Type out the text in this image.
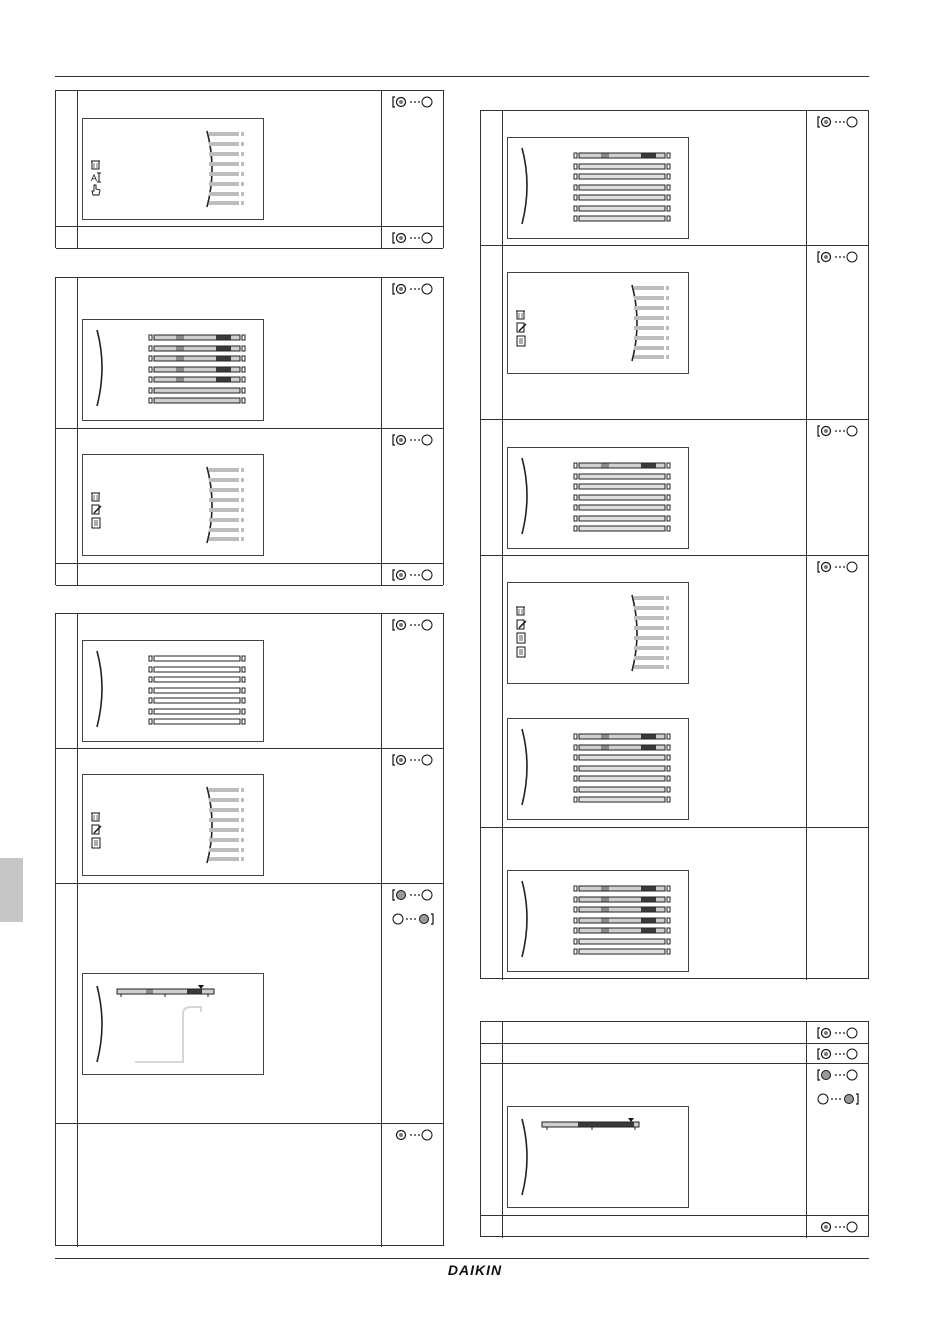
A
DAIKIN
